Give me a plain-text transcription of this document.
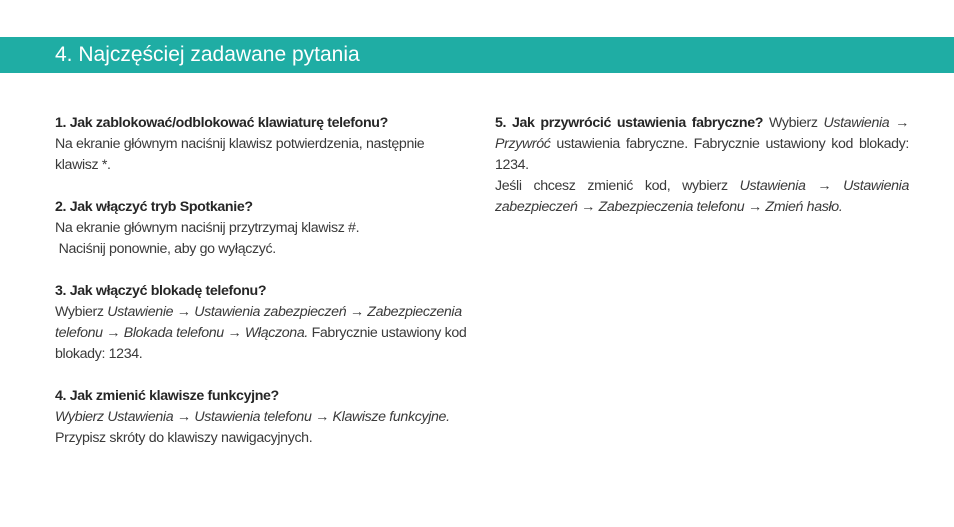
4. Najczęściej zadawane pytania
1. Jak zablokować/odblokować klawiaturę telefonu?
Na ekranie głównym naciśnij klawisz potwierdzenia, następnie klawisz *.
2. Jak włączyć tryb Spotkanie?
Na ekranie głównym naciśnij przytrzymaj klawisz #.
Naciśnij ponownie, aby go wyłączyć.
3. Jak włączyć blokadę telefonu?
Wybierz Ustawienie → Ustawienia zabezpieczeń → Zabezpieczenia telefonu → Blokada telefonu → Włączona. Fabrycznie ustawiony kod blokady: 1234.
4. Jak zmienić klawisze funkcyjne?
Wybierz Ustawienia → Ustawienia telefonu → Klawisze funkcyjne. Przypisz skróty do klawiszy nawigacyjnych.
5. Jak przywrócić ustawienia fabryczne? Wybierz Ustawienia → Przywróć ustawienia fabryczne. Fabrycznie ustawiony kod blokady: 1234.
Jeśli chcesz zmienić kod, wybierz Ustawienia → Ustawienia zabezpieczeń → Zabezpieczenia telefonu → Zmień hasło.
